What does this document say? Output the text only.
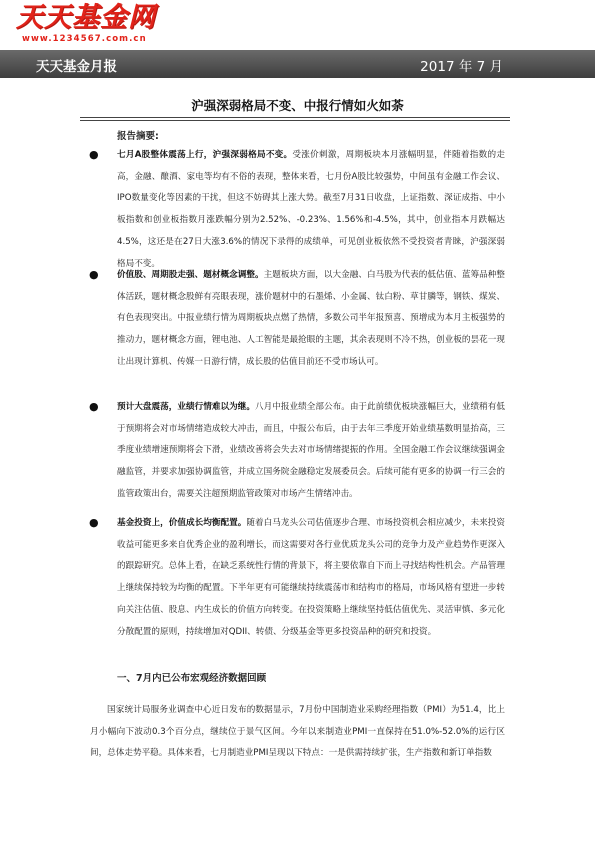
天天基金网
www.1234567.com.cn
天天基金月报	2017 年 7 月
沪强深弱格局不变、中报行情如火如荼
报告摘要:
● 七月A股整体震荡上行，沪强深弱格局不变。受涨价刺激，周期板块本月涨幅明显，伴随着指数的走高，金融、酿酒、家电等均有不俗的表现，整体来看，七月份A股比较强势，中间虽有金融工作会议、IPO数量变化等因素的干扰，但这不妨碍其上涨大势。截至7月31日收盘，上证指数、深证成指、中小板指数和创业板指数月涨跌幅分别为2.52%、-0.23%、1.56%和-4.5%，其中，创业指本月跌幅达4.5%，这还是在27日大涨3.6%的情况下录得的成绩单，可见创业板依然不受投资者青睐，沪强深弱格局不变。
● 价值股、周期股走强、题材概念调整。主题板块方面，以大金融、白马股为代表的低估值、蓝筹品种整体活跃，题材概念股鲜有亮眼表现，涨价题材中的石墨烯、小金属、钛白粉、草甘膦等，钢铁、煤炭、有色表现突出。中报业绩行情为周期板块点燃了热情，多数公司半年报预喜、预增成为本月主板强势的推动力，题材概念方面，锂电池、人工智能是最抢眼的主题，其余表现则不冷不热，创业板的昙花一现让出现计算机、传媒一日游行情，成长股的估值目前还不受市场认可。
● 预计大盘震荡，业绩行情难以为继。八月中报业绩全部公布。由于此前绩优板块涨幅巨大，业绩稍有低于预期将会对市场情绪造成较大冲击，而且，中报公布后，由于去年三季度开始业绩基数明显抬高，三季度业绩增速预期将会下滑，业绩改善将会失去对市场情绪提振的作用。全国金融工作会议继续强调金融监管，并要求加强协调监管，并成立国务院金融稳定发展委员会。后续可能有更多的协调一行三会的监管政策出台，需要关注超预期监管政策对市场产生情绪冲击。
● 基金投资上，价值成长均衡配置。随着白马龙头公司估值逐步合理、市场投资机会相应减少，未来投资收益可能更多来自优秀企业的盈利增长，而这需要对各行业优质龙头公司的竞争力及产业趋势作更深入的跟踪研究。总体上看，在缺乏系统性行情的背景下，将主要依靠自下而上寻找结构性机会。产品管理上继续保持较为均衡的配置。下半年更有可能继续持续震荡市和结构市的格局，市场风格有望进一步转向关注估值、股息、内生成长的价值方向转变。在投资策略上继续坚持低估值优先、灵活审慎、多元化分散配置的原则，持续增加对QDII、转债、分级基金等更多投资品种的研究和投资。
一、7月内已公布宏观经济数据回顾
国家统计局服务业调查中心近日发布的数据显示，7月份中国制造业采购经理指数（PMI）为51.4，比上月小幅向下波动0.3个百分点，继续位于景气区间。今年以来制造业PMI一直保持在51.0%-52.0%的运行区间，总体走势平稳。具体来看，七月制造业PMI呈现以下特点：一是供需持续扩张，生产指数和新订单指数
